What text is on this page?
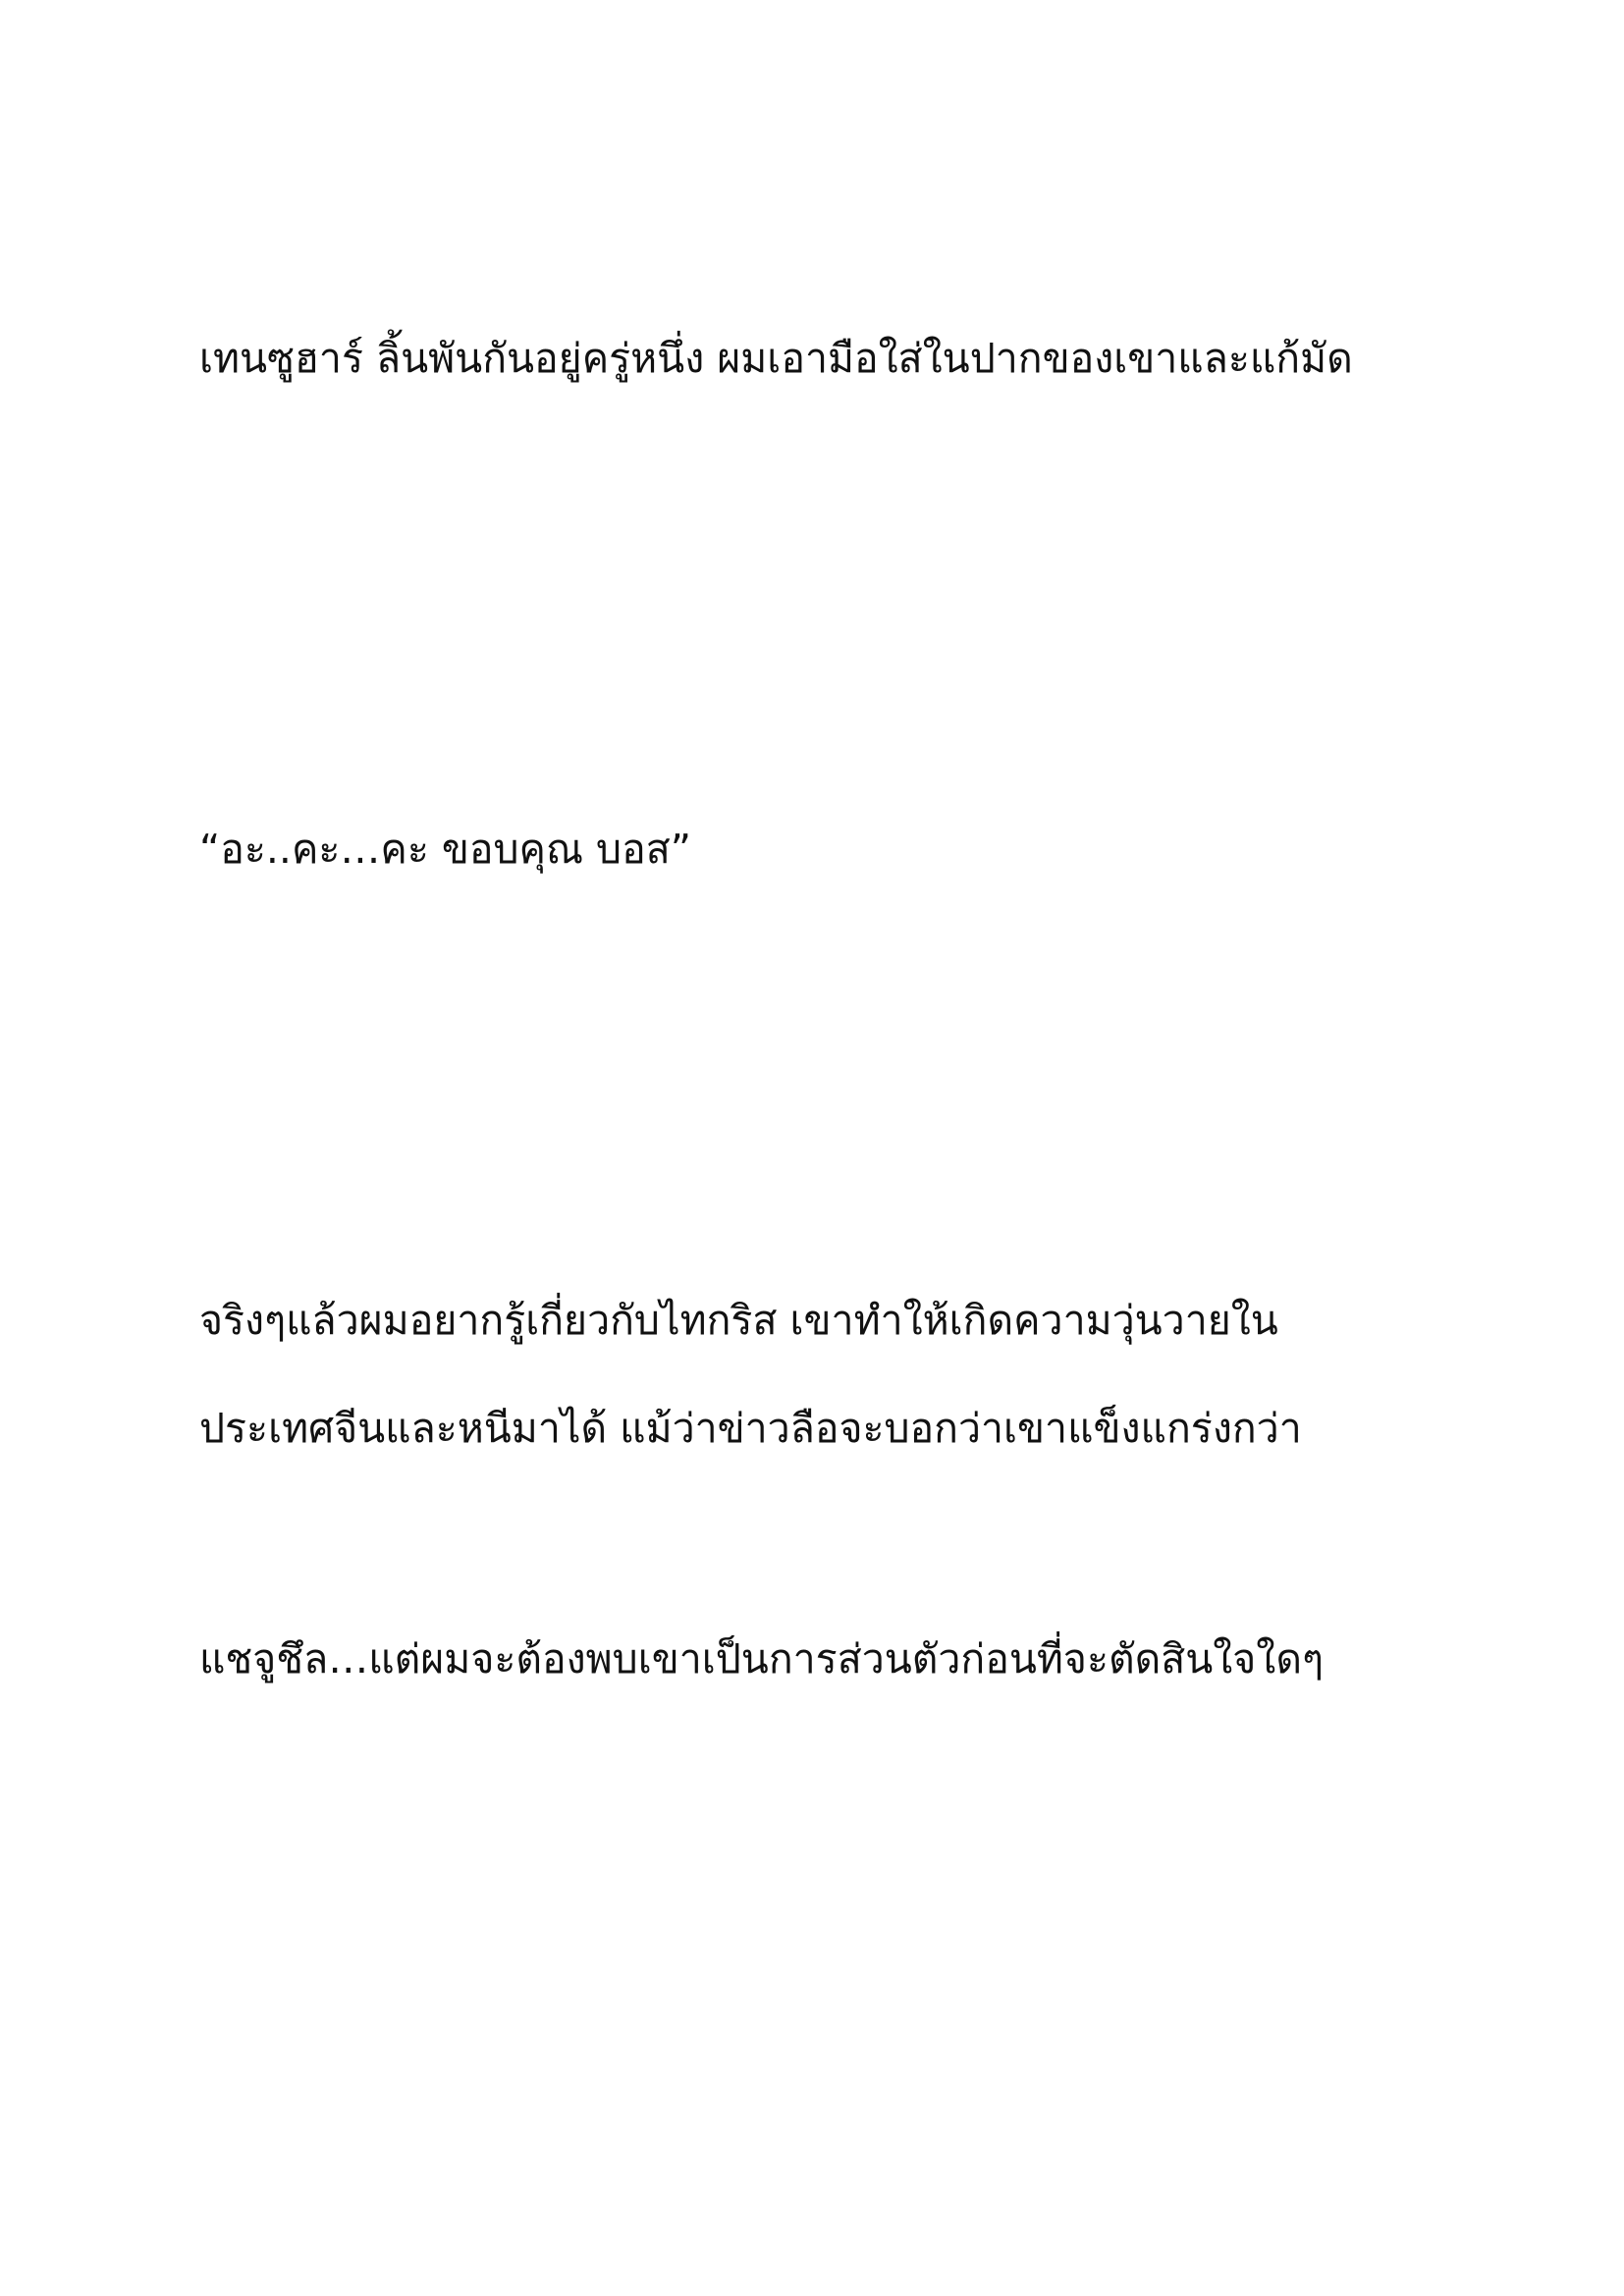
เทนซูฮาร์ ลิ้นพันกันอยู่ครู่หนึ่ง ผมเอามือใส่ในปากของเขาและแก้มัด

“อะ..คะ…คะ ขอบคุณ บอส”

จริงๆแล้วผมอยากรู้เกี่ยวกับไทกริส เขาทำให้เกิดความวุ่นวายใน

ประเทศจีนและหนีมาได้ แม้ว่าข่าวลือจะบอกว่าเขาแข็งแกร่งกว่า

แชจูชึล…แต่ผมจะต้องพบเขาเป็นการส่วนตัวก่อนที่จะตัดสินใจใดๆ
